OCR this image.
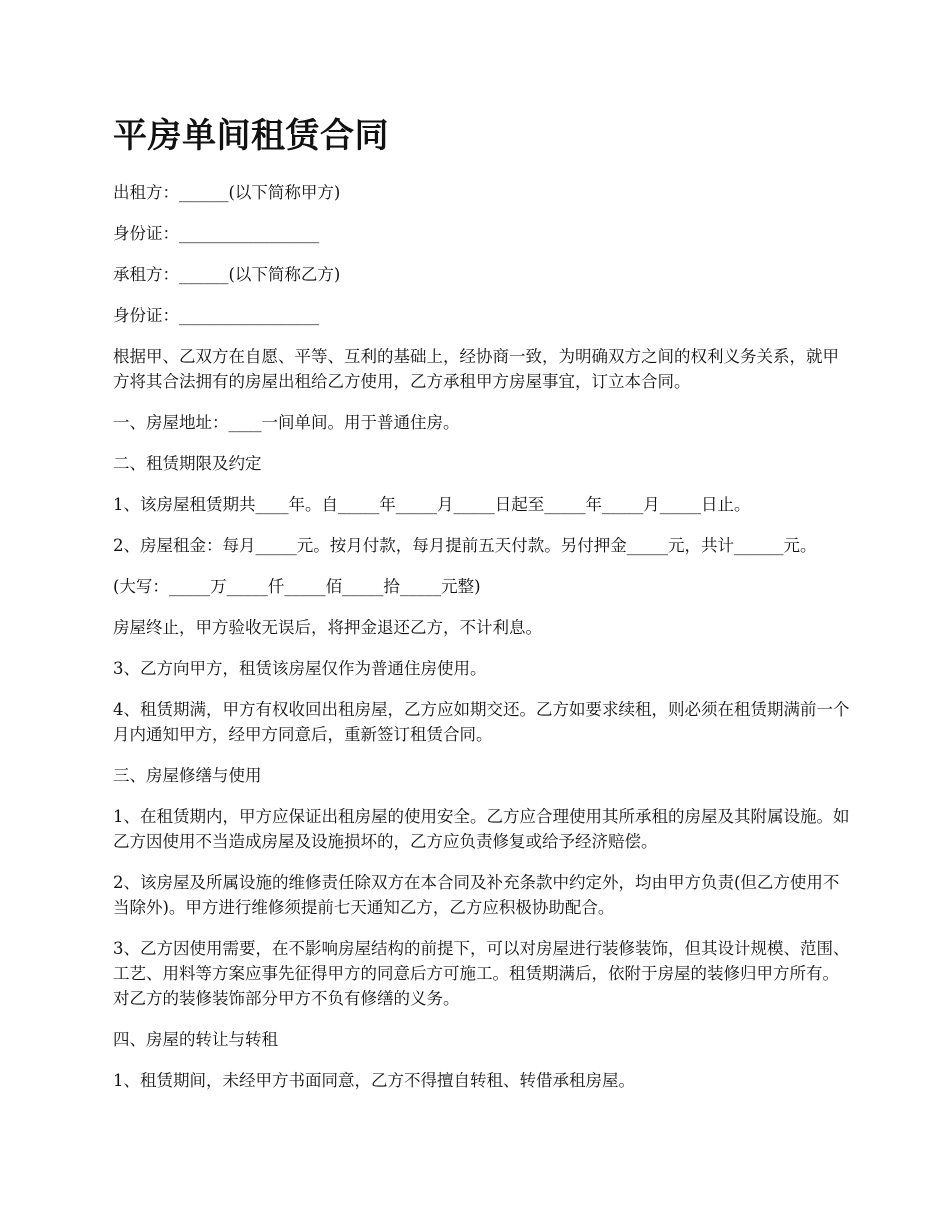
平房单间租赁合同

出租方：______(以下简称甲方)

身份证：_________________

承租方：______(以下简称乙方)

身份证：_________________

根据甲、乙双方在自愿、平等、互利的基础上，经协商一致，为明确双方之间的权利义务关系，就甲方将其合法拥有的房屋出租给乙方使用，乙方承租甲方房屋事宜，订立本合同。

一、房屋地址：____一间单间。用于普通住房。

二、租赁期限及约定

1、该房屋租赁期共____年。自_____年_____月_____日起至_____年_____月_____日止。

2、房屋租金：每月_____元。按月付款，每月提前五天付款。另付押金_____元，共计______元。

(大写：_____万_____仟_____佰_____拾_____元整)

房屋终止，甲方验收无误后，将押金退还乙方，不计利息。

3、乙方向甲方，租赁该房屋仅作为普通住房使用。

4、租赁期满，甲方有权收回出租房屋，乙方应如期交还。乙方如要求续租，则必须在租赁期满前一个月内通知甲方，经甲方同意后，重新签订租赁合同。

三、房屋修缮与使用

1、在租赁期内，甲方应保证出租房屋的使用安全。乙方应合理使用其所承租的房屋及其附属设施。如乙方因使用不当造成房屋及设施损坏的，乙方应负责修复或给予经济赔偿。

2、该房屋及所属设施的维修责任除双方在本合同及补充条款中约定外，均由甲方负责(但乙方使用不当除外)。甲方进行维修须提前七天通知乙方，乙方应积极协助配合。

3、乙方因使用需要，在不影响房屋结构的前提下，可以对房屋进行装修装饰，但其设计规模、范围、工艺、用料等方案应事先征得甲方的同意后方可施工。租赁期满后，依附于房屋的装修归甲方所有。对乙方的装修装饰部分甲方不负有修缮的义务。

四、房屋的转让与转租

1、租赁期间，未经甲方书面同意，乙方不得擅自转租、转借承租房屋。
